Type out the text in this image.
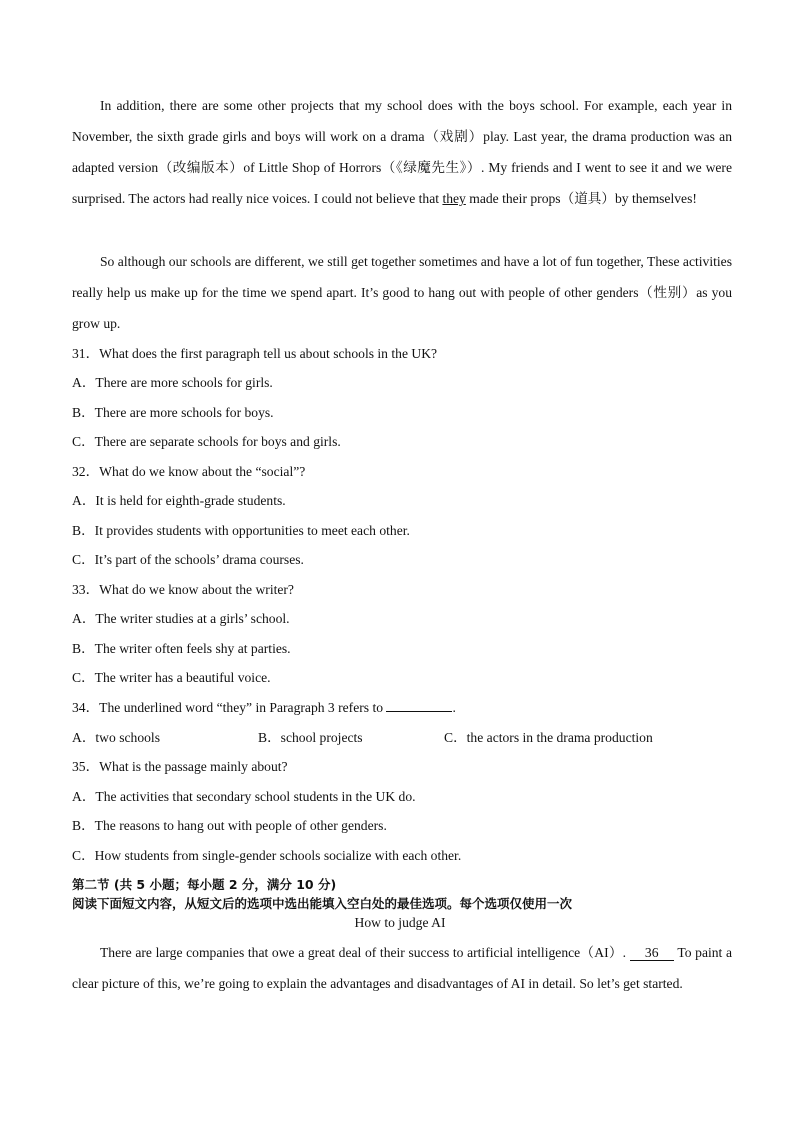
In addition, there are some other projects that my school does with the boys school. For example, each year in November, the sixth grade girls and boys will work on a drama（戏剧）play. Last year, the drama production was an adapted version（改编版本）of Little Shop of Horrors（《绿魔先生》）. My friends and I went to see it and we were surprised. The actors had really nice voices. I could not believe that they made their props（道具）by themselves!

So although our schools are different, we still get together sometimes and have a lot of fun together, These activities really help us make up for the time we spend apart. It’s good to hang out with people of other genders（性别）as you grow up.

31．What does the first paragraph tell us about schools in the UK?
A．There are more schools for girls.
B．There are more schools for boys.
C．There are separate schools for boys and girls.
32．What do we know about the “social”?
A．It is held for eighth-grade students.
B．It provides students with opportunities to meet each other.
C．It’s part of the schools’ drama courses.
33．What do we know about the writer?
A．The writer studies at a girls’ school.
B．The writer often feels shy at parties.
C．The writer has a beautiful voice.
34．The underlined word “they” in Paragraph 3 refers to	.
A．two schools	B．school projects	C．the actors in the drama production
35．What is the passage mainly about?
A．The activities that secondary school students in the UK do.
B．The reasons to hang out with people of other genders.
C．How students from single-gender schools socialize with each other.
第二节 (共 5 小题；每小题 2 分，满分 10 分)
阅读下面短文内容，从短文后的选项中选出能填入空白处的最佳选项。每个选项仅使用一次
How to judge AI

There are large companies that owe a great deal of their success to artificial intelligence（AI）. 36 To paint a clear picture of this, we’re going to explain the advantages and disadvantages of AI in detail. So let’s get started.
